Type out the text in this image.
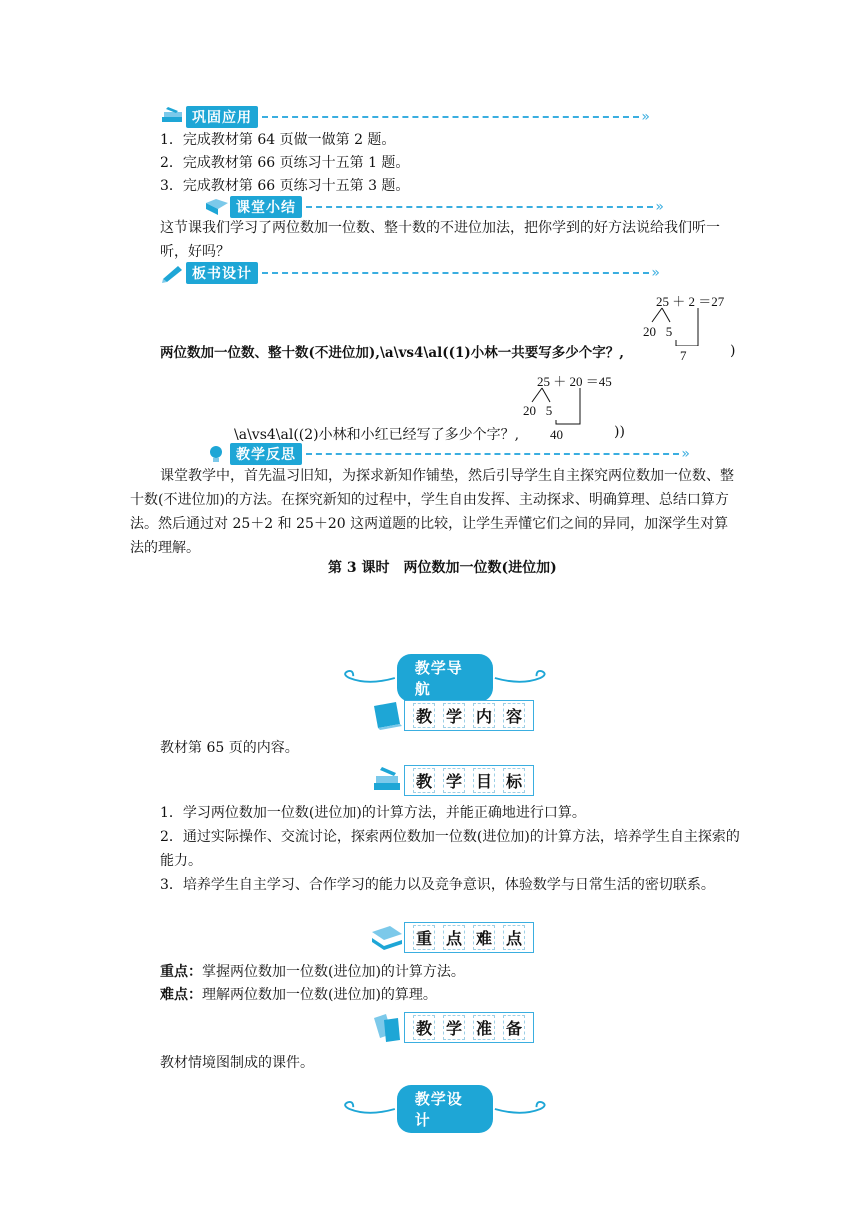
巩固应用	»
1．完成教材第 64 页做一做第 2 题。
2．完成教材第 66 页练习十五第 1 题。
3．完成教材第 66 页练习十五第 3 题。
课堂小结	»
这节课我们学习了两位数加一位数、整十数的不进位加法，把你学到的好方法说给我们听一听，好吗？
板书设计	»
25 ＋ 2 ＝27
20   5
7
两位数加一位数、整十数(不进位加),\a\vs4\al((1)小林一共要写多少个字？,	)
25 ＋ 20 ＝45
20   5
40
\a\vs4\al((2)小林和小红已经写了多少个字？,	))
教学反思	»
课堂教学中，首先温习旧知，为探求新知作铺垫，然后引导学生自主探究两位数加一位数、整十数(不进位加)的方法。在探究新知的过程中，学生自由发挥、主动探求、明确算理、总结口算方法。然后通过对 25＋2 和 25＋20 这两道题的比较，让学生弄懂它们之间的异同，加深学生对算法的理解。
第 3 课时　两位数加一位数(进位加)
教学导航
教 学 内 容
教材第 65 页的内容。
教 学 目 标
1．学习两位数加一位数(进位加)的计算方法，并能正确地进行口算。
2．通过实际操作、交流讨论，探索两位数加一位数(进位加)的计算方法，培养学生自主探索的能力。
3．培养学生自主学习、合作学习的能力以及竞争意识，体验数学与日常生活的密切联系。
重 点 难 点
重点：掌握两位数加一位数(进位加)的计算方法。
难点：理解两位数加一位数(进位加)的算理。
教 学 准 备
教材情境图制成的课件。
教学设计
